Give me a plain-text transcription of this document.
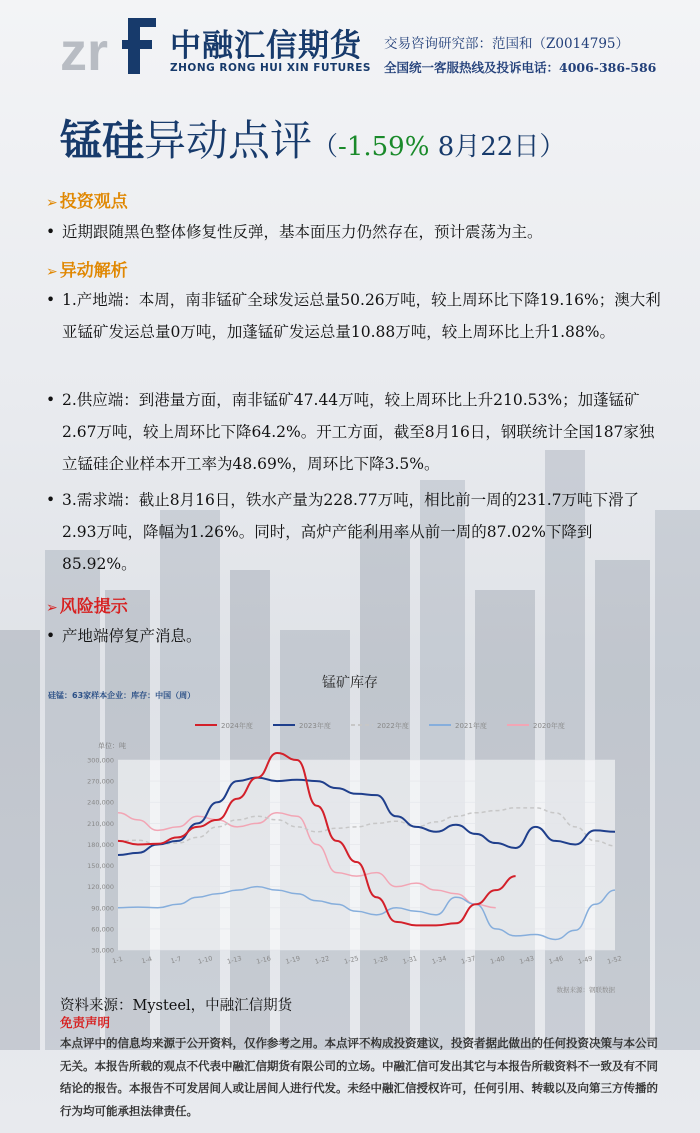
zr 中融汇信期货
ZHONG RONG HUI XIN FUTURES
交易咨询研究部：范国和（Z0014795）
全国统一客服热线及投诉电话：4006-386-586
锰硅异动点评（-1.59% 8月22日）
➢ 投资观点
• 近期跟随黑色整体修复性反弹，基本面压力仍然存在，预计震荡为主。
➢ 异动解析
• 1.产地端：本周，南非锰矿全球发运总量50.26万吨，较上周环比下降19.16%；澳大利亚锰矿发运总量0万吨，加蓬锰矿发运总量10.88万吨，较上周环比上升1.88%。
• 2.供应端：到港量方面，南非锰矿47.44万吨，较上周环比上升210.53%；加蓬锰矿2.67万吨，较上周环比下降64.2%。开工方面，截至8月16日，钢联统计全国187家独立锰硅企业样本开工率为48.69%，周环比下降3.5%。
• 3.需求端：截止8月16日，铁水产量为228.77万吨，相比前一周的231.7万吨下滑了2.93万吨，降幅为1.26%。同时，高炉产能利用率从前一周的87.02%下降到85.92%。
➢ 风险提示
• 产地端停复产消息。
锰矿库存
硅锰：63家样本企业：库存：中国（周）
2024年度	2023年度	2022年度	2021年度	2020年度
单位：吨
300,000
270,000
240,000
210,000
180,000
150,000
120,000
90,000
60,000
30,000
1-1	1-4	1-7 1-10 1-13 1-16 1-19 1-22 1-25 1-28 1-31 1-34 1-37 1-40 1-43 1-46 1-49 1-52
数据来源：钢联数据
资料来源：Mysteel，中融汇信期货
免责声明
本点评中的信息均来源于公开资料，仅作参考之用。本点评不构成投资建议，投资者据此做出的任何投资决策与本公司无关。本报告所载的观点不代表中融汇信期货有限公司的立场。中融汇信可发出其它与本报告所载资料不一致及有不同结论的报告。本报告不可发居间人或让居间人进行代发。未经中融汇信授权许可，任何引用、转载以及向第三方传播的行为均可能承担法律责任。
